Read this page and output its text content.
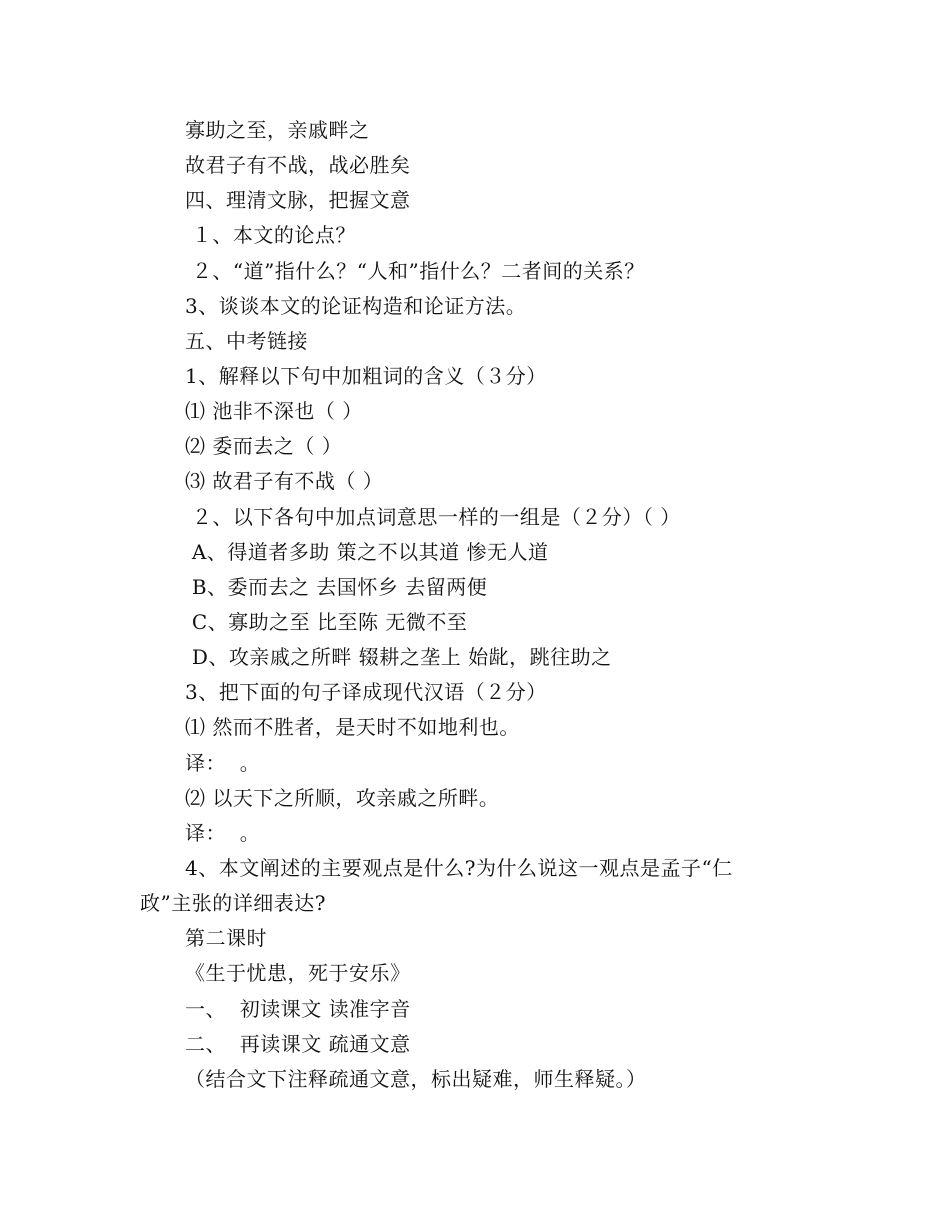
寡助之至，亲戚畔之
故君子有不战，战必胜矣
四、理清文脉，把握文意
１、本文的论点？
２、“道”指什么？“人和”指什么？二者间的关系？
3、谈谈本文的论证构造和论证方法。
五、中考链接
1、解释以下句中加粗词的含义（３分）
⑴ 池非不深也（ ）
⑵ 委而去之（ ）
⑶ 故君子有不战（ ）
２、以下各句中加点词意思一样的一组是（２分）（ ）
A、得道者多助 策之不以其道 惨无人道
B、委而去之 去国怀乡 去留两便
C、寡助之至 比至陈 无微不至
D、攻亲戚之所畔 辍耕之垄上 始龀，跳往助之
3、把下面的句子译成现代汉语（２分）
⑴ 然而不胜者，是天时不如地利也。
译：  。
⑵ 以天下之所顺，攻亲戚之所畔。
译：  。
4、本文阐述的主要观点是什么?为什么说这一观点是孟子“仁
政”主张的详细表达?
第二课时
《生于忧患，死于安乐》
一、  初读课文 读准字音
二、  再读课文 疏通文意
（结合文下注释疏通文意，标出疑难，师生释疑。）
